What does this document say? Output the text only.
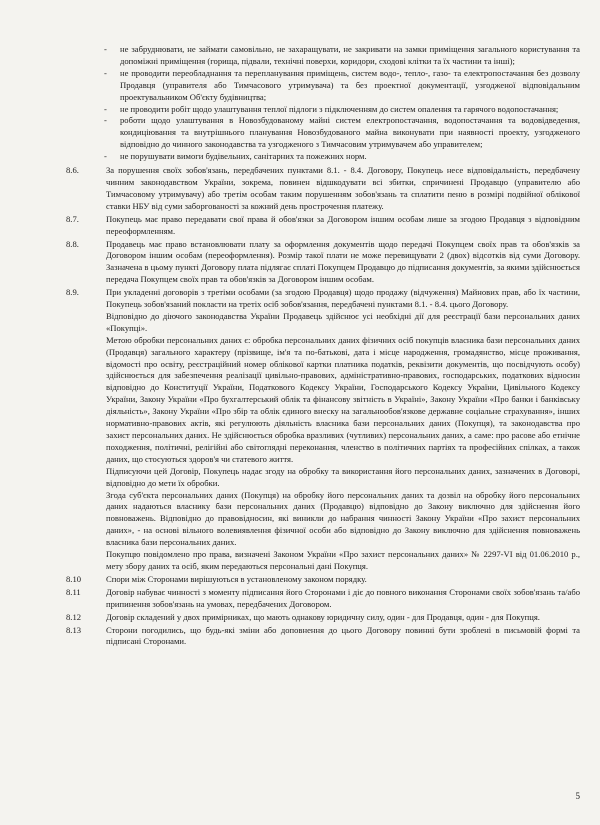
- не забруднювати, не займати самовільно, не захаращувати, не закривати на замки приміщення загального користування та допоміжні приміщення (горища, підвали, технічні поверхи, коридори, сходові клітки та їх частини та інші);
- не проводити переобладнання та перепланування приміщень, систем водо-, тепло-, газо- та електропостачання без дозволу Продавця (управителя або Тимчасового утримувача) та без проектної документації, узгодженої відповідальним проектувальником Об'єкту будівництва;
- не проводити робіт щодо улаштування теплої підлоги з підключенням до систем опалення та гарячого водопостачання;
- роботи щодо улаштування в Новозбудованому майні систем електропостачання, водопостачання та водовідведення, кондиціювання та внутрішнього планування Новозбудованого майна виконувати при наявності проекту, узгодженого відповідно до чинного законодавства та узгодженого з Тимчасовим утримувачем або управителем;
- не порушувати вимоги будівельних, санітарних та пожежних норм.
8.6.	За порушення своїх зобов'язань, передбачених пунктами 8.1. - 8.4. Договору, Покупець несе відповідальність, передбачену чинним законодавством України, зокрема, повинен відшкодувати всі збитки, спричинені Продавцю (управителю або Тимчасовому утримувачу) або третім особам таким порушенням зобов'язань та сплатити пеню в розмірі подвійної облікової ставки НБУ від суми заборгованості за кожний день прострочення платежу.

8.7.	Покупець має право передавати свої права й обов'язки за Договором іншим особам лише за згодою Продавця з відповідним переоформленням.

8.8.	Продавець має право встановлювати плату за оформлення документів щодо передачі Покупцем своїх прав та обов'язків за Договором іншим особам (переоформлення). Розмір такої плати не може перевищувати 2 (двох) відсотків від суми Договору. Зазначена в цьому пункті Договору плата підлягає сплаті Покупцем Продавцю до підписання документів, за якими здійснюється передача Покупцем своїх прав та обов'язків за Договором іншим особам.

8.9.	При укладенні договорів з третіми особами (за згодою Продавця) щодо продажу (відчуження) Майнових прав, або їх частини, Покупець зобов'язаний покласти на третіх осіб зобов'язання, передбачені пунктами 8.1. - 8.4. цього Договору.

Відповідно до діючого законодавства України Продавець здійснює усі необхідні дії для реєстрації бази персональних даних «Покупці».

Метою обробки персональних даних є: обробка персональних даних фізичних осіб покупців власника бази персональних даних (Продавця) загального характеру (прізвище, ім'я та по-батькові, дата і місце народження, громадянство, місце проживання, відомості про освіту, реєстраційний номер облікової картки платника податків, реквізити документів, що посвідчують особу) здійснюється для забезпечення реалізації цивільно-правових, адміністративно-правових, господарських, податкових відносин відповідно до Конституції України, Податкового Кодексу України, Господарського Кодексу України, Цивільного Кодексу України, Закону України «Про бухгалтерський облік та фінансову звітність в Україні», Закону України «Про банки і банківську діяльність», Закону України «Про збір та облік єдиного внеску на загальнообов'язкове державне соціальне страхування», інших нормативно-правових актів, які регулюють діяльність власника бази персональних даних (Покупця), та законодавства про захист персональних даних. Не здійснюється обробка вразливих (чутливих) персональних даних, а саме: про расове або етнічне походження, політичні, релігійні або світоглядні переконання, членство в політичних партіях та професійних спілках, а також даних, що стосуються здоров'я чи статевого життя.

Підписуючи цей Договір, Покупець надає згоду на обробку та використання його персональних даних, зазначених в Договорі, відповідно до мети їх обробки.

Згода суб'єкта персональних даних (Покупця) на обробку його персональних даних та дозвіл на обробку його персональних даних надаються власнику бази персональних даних (Продавцю) відповідно до Закону виключно для здійснення його повноважень. Відповідно до правовідносин, які виникли до набрання чинності Закону України «Про захист персональних даних», - на основі вільного волевиявлення фізичної особи або відповідно до Закону виключно для здійснення повноважень власника бази персональних даних.

Покупцю повідомлено про права, визначені Законом України «Про захист персональних даних» № 2297-VI від 01.06.2010 р., мету збору даних та осіб, яким передаються персональні дані Покупця.

8.10	Спори між Сторонами вирішуються в установленому законом порядку.

8.11	Договір набуває чинності з моменту підписання його Сторонами і діє до повного виконання Сторонами своїх зобов'язань та/або припинення зобов'язань на умовах, передбачених Договором.

8.12	Договір складений у двох примірниках, що мають однакову юридичну силу, один - для Продавця, один - для Покупця.

8.13	Сторони погодились, що будь-які зміни або доповнення до цього Договору повинні бути зроблені в письмовій формі та підписані Сторонами.

5
